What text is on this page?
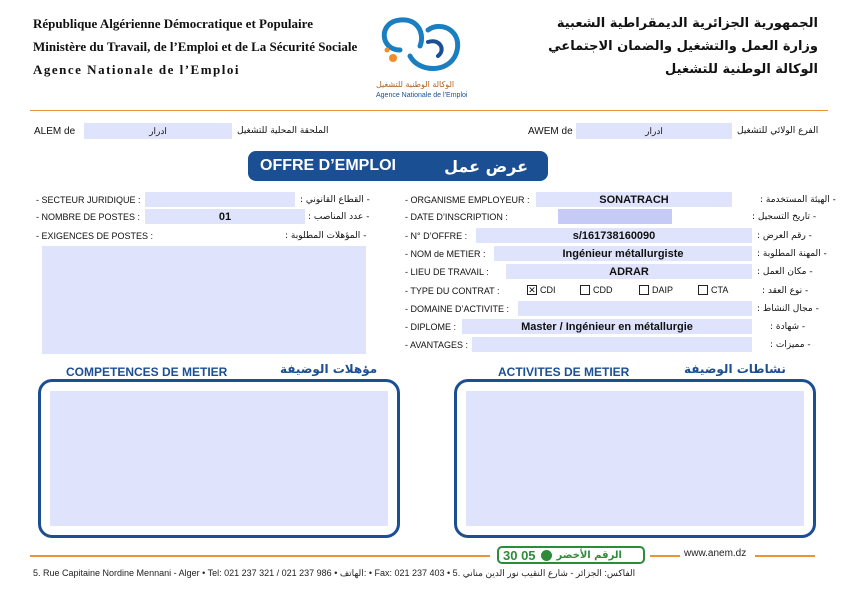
République Algérienne Démocratique et Populaire
Ministère du Travail, de l’Emploi et de La Sécurité Sociale
Agence Nationale de l’Emploi
الجمهورية الجزائرية الديمقراطية الشعبية
وزارة العمل والتشغيل والضمان الاجتماعي
الوكالة الوطنية للتشغيل
الوكالة الوطنية للتشغيل
Agence Nationale de l’Emploi
ALEM de	ادرار	الملحقة المحلية للتشغيل	AWEM de	ادرار	الفرع الولائي للتشغيل
OFFRE D’EMPLOI	عرض عمل
- SECTEUR JURIDIQUE :	- القطاع القانوني :
- NOMBRE DE POSTES :	01	- عدد المناصب :
- EXIGENCES DE POSTES :	- المؤهلات المطلوبة :
- ORGANISME EMPLOYEUR :	SONATRACH	- الهيئة المستخدمة :
- DATE D’INSCRIPTION :	- تاريخ التسجيل :
- N° D’OFFRE :	s/161738160090	- رقم العرض :
- NOM de METIER :	Ingénieur métallurgiste	- المهنة المطلوبة :
- LIEU DE TRAVAIL :	ADRAR	- مكان العمل :
- TYPE DU CONTRAT :	✕ CDI	CDD	DAIP	CTA	- نوع العقد :
- DOMAINE D’ACTIVITE :	- مجال النشاط :
- DIPLOME :	Master / Ingénieur en métallurgie	- شهادة :
- AVANTAGES :	- مميزات :
COMPETENCES DE METIER	مؤهلات الوضيفة	ACTIVITES DE METIER	نشاطات الوضيفة
30 05 الرقم الأخضر	www.anem.dz
5. Rue Capitaine Nordine Mennani - Alger • Tel: 021 237 321 / 021 237 986 • الهاتف: • Fax: 021 237 403 • الفاكس: الجزائر - شارع النقيب نور الدين مناني .5
